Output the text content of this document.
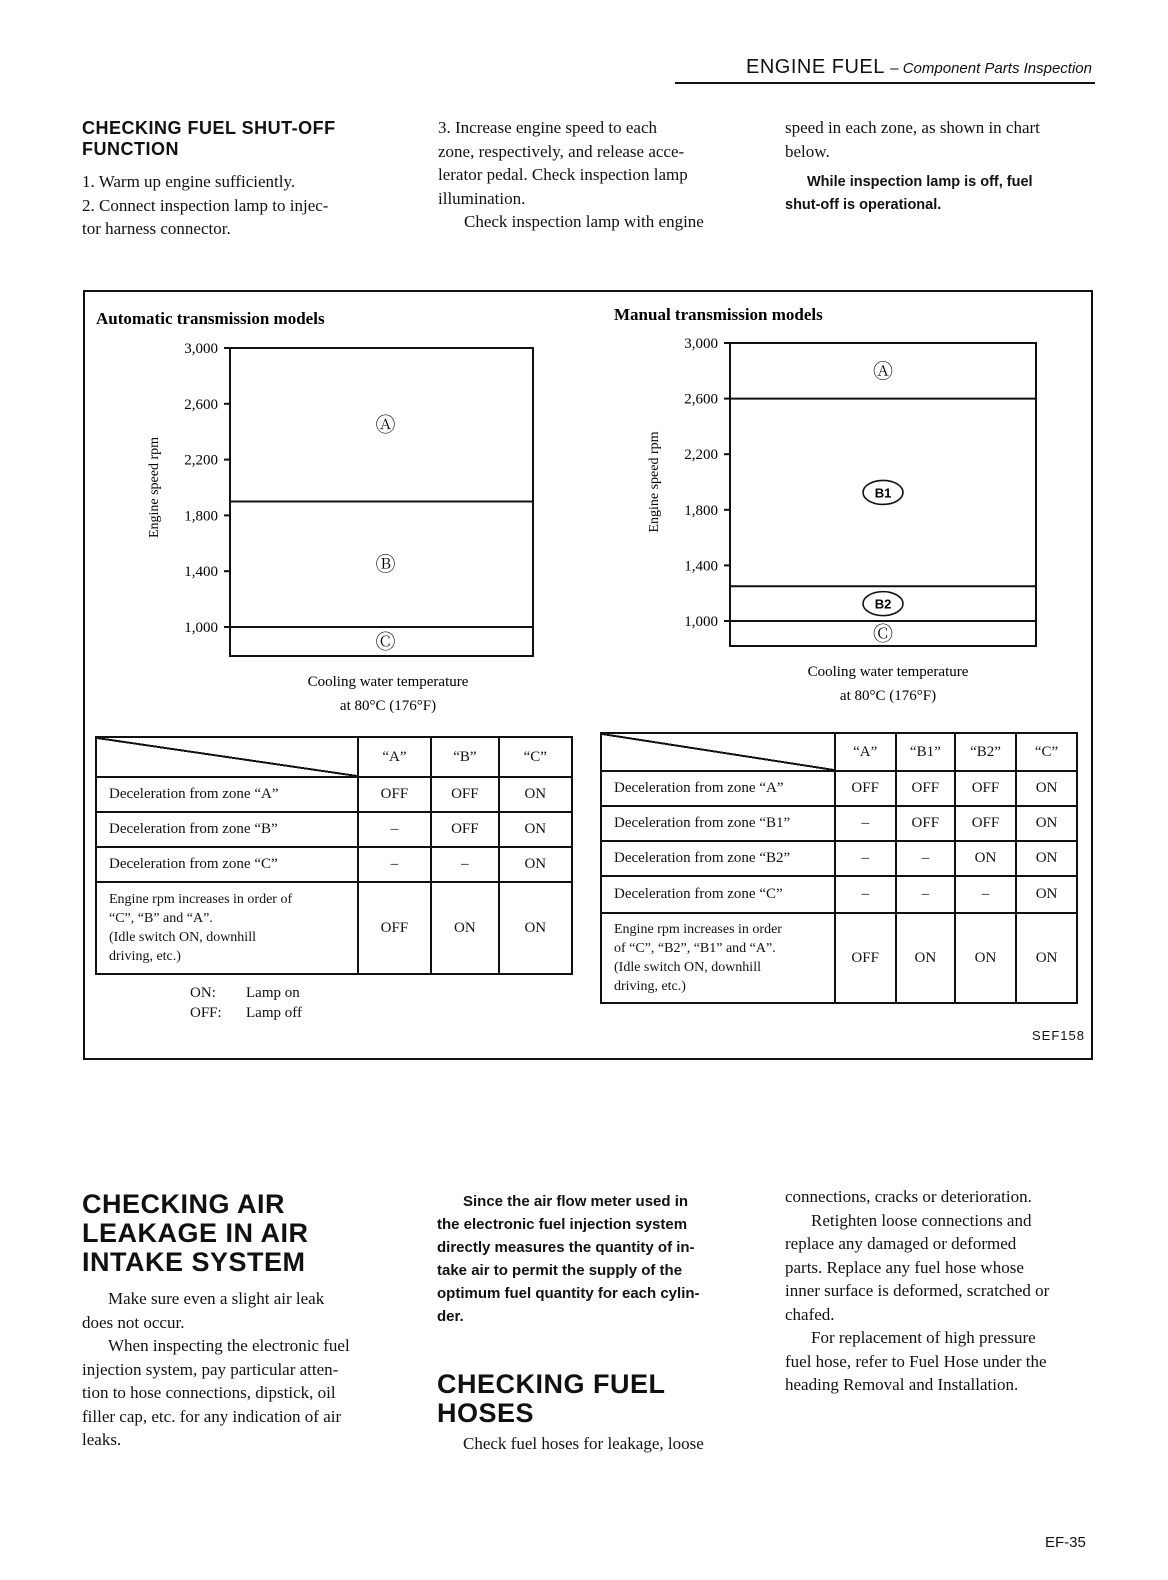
ENGINE FUEL – Component Parts Inspection
CHECKING FUEL SHUT-OFF
FUNCTION

1. Warm up engine sufficiently.

2. Connect inspection lamp to injec-

tor harness connector.

3. Increase engine speed to each

zone, respectively, and release acce-

lerator pedal. Check inspection lamp

illumination.

Check inspection lamp with engine

speed in each zone, as shown in chart

below.

While inspection lamp is off, fuel

shut-off is operational.

Automatic transmission models
Engine speed rpm
3,000
2,600
2,200
1,800
1,400
1,000
Ⓐ
Ⓑ
Ⓒ
Cooling water temperature
at 80°C (176°F)
Manual transmission models
Engine speed rpm
3,000
2,600
2,200
1,800
1,400
1,000
Ⓐ
B1
B2
Ⓒ
Cooling water temperature
at 80°C (176°F)
	“A”	“B”	“C”
Deceleration from zone “A”	OFF	OFF	ON
Deceleration from zone “B”	–	OFF	ON
Deceleration from zone “C”	–	–	ON

Engine rpm increases in order of
“C”, “B” and “A”.
(Idle switch ON, downhill
driving, etc.)	OFF	ON	ON
ON: Lamp on
OFF: Lamp off
	“A”	“B1”	“B2”	“C”
Deceleration from zone “A”	OFF	OFF	OFF	ON
Deceleration from zone “B1”	–	OFF	OFF	ON
Deceleration from zone “B2”	–	–	ON	ON
Deceleration from zone “C”	–	–	–	ON

Engine rpm increases in order
of “C”, “B2”, “B1” and “A”.
(Idle switch ON, downhill
driving, etc.)	OFF	ON	ON	ON
SEF158
CHECKING AIR
LEAKAGE IN AIR
INTAKE SYSTEM

Make sure even a slight air leak

does not occur.

When inspecting the electronic fuel

injection system, pay particular atten-

tion to hose connections, dipstick, oil

filler cap, etc. for any indication of air

leaks.

Since the air flow meter used in

the electronic fuel injection system

directly measures the quantity of in-

take air to permit the supply of the

optimum fuel quantity for each cylin-

der.

CHECKING FUEL
HOSES

Check fuel hoses for leakage, loose

connections, cracks or deterioration.

Retighten loose connections and

replace any damaged or deformed

parts. Replace any fuel hose whose

inner surface is deformed, scratched or

chafed.

For replacement of high pressure

fuel hose, refer to Fuel Hose under the

heading Removal and Installation.

EF-35
